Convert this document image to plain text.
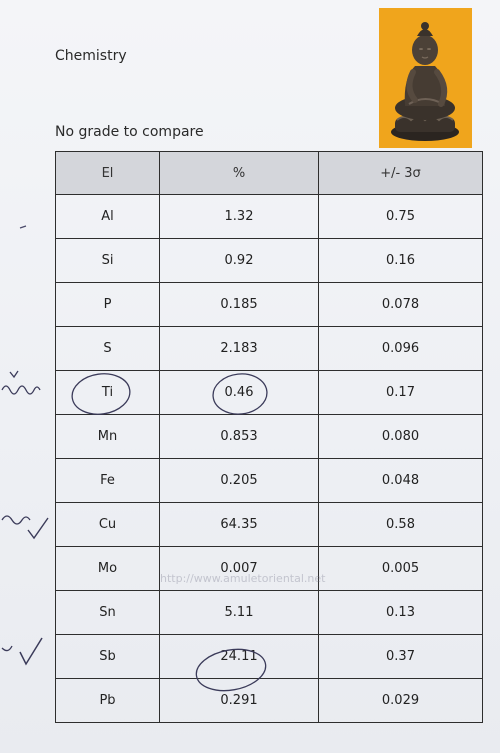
Chemistry
No grade to compare
El	%	+/- 3σ
Al	1.32	0.75
Si	0.92	0.16
P	0.185	0.078
S	2.183	0.096
Ti	0.46	0.17
Mn	0.853	0.080
Fe	0.205	0.048
Cu	64.35	0.58
Mo	0.007	0.005
Sn	5.11	0.13
Sb	24.11	0.37
Pb	0.291	0.029
http://www.amuletoriental.net
